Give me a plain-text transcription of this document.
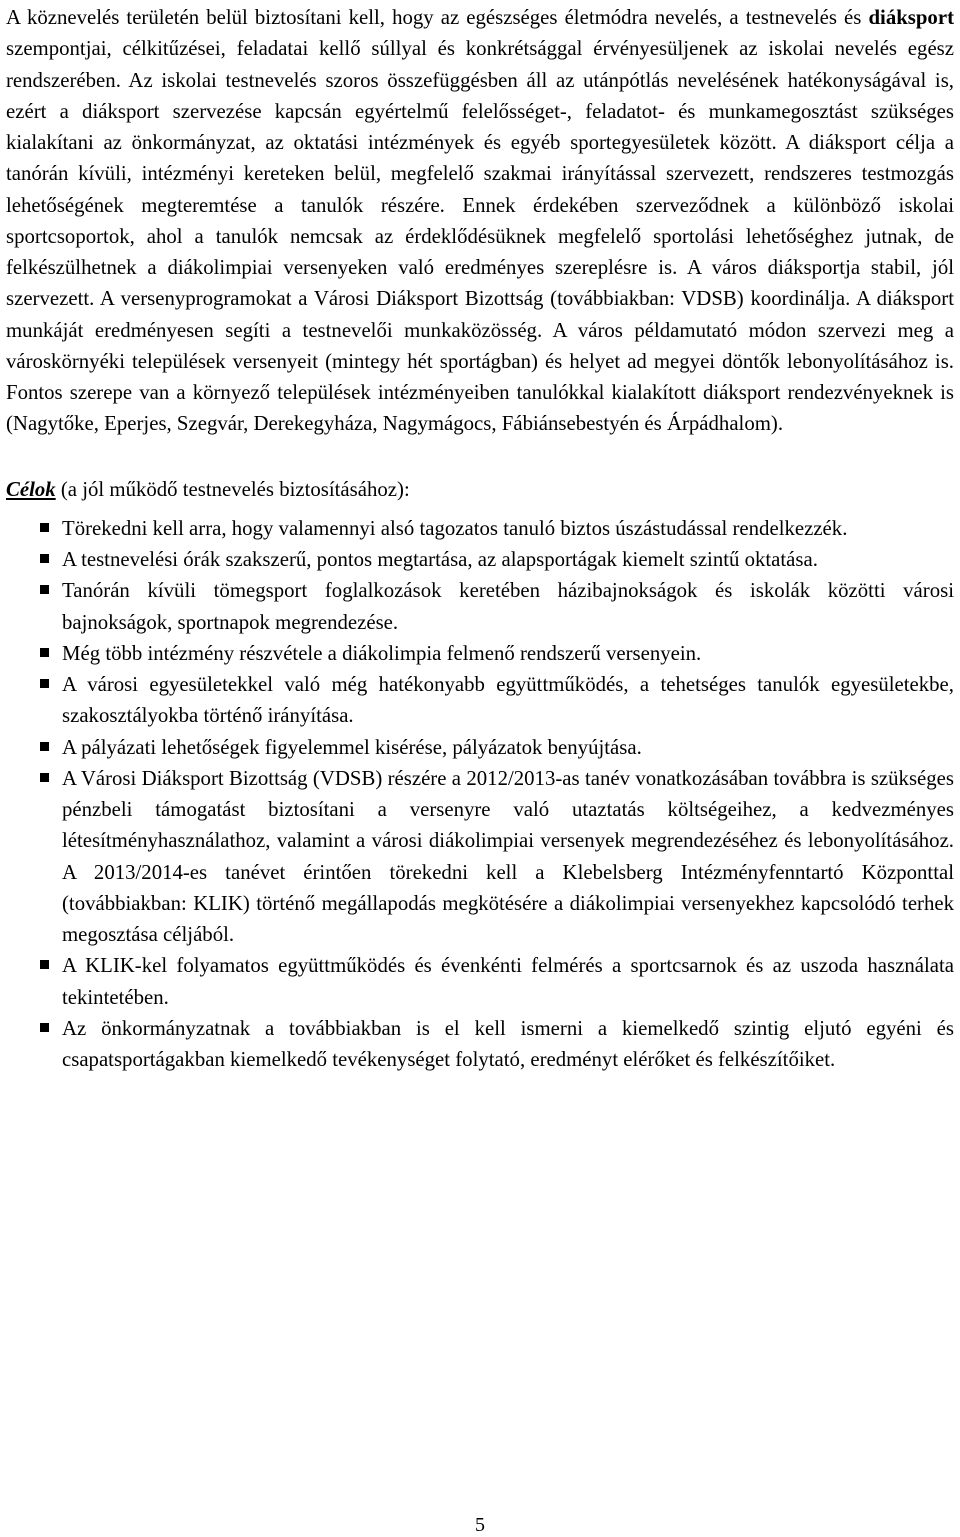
A köznevelés területén belül biztosítani kell, hogy az egészséges életmódra nevelés, a testnevelés és diáksport szempontjai, célkitűzései, feladatai kellő súllyal és konkrétsággal érvényesüljenek az iskolai nevelés egész rendszerében. Az iskolai testnevelés szoros összefüggésben áll az utánpótlás nevelésének hatékonyságával is, ezért a diáksport szervezése kapcsán egyértelmű felelősséget-, feladatot- és munkamegosztást szükséges kialakítani az önkormányzat, az oktatási intézmények és egyéb sportegyesületek között. A diáksport célja a tanórán kívüli, intézményi kereteken belül, megfelelő szakmai irányítással szervezett, rendszeres testmozgás lehetőségének megteremtése a tanulók részére. Ennek érdekében szerveződnek a különböző iskolai sportcsoportok, ahol a tanulók nemcsak az érdeklődésüknek megfelelő sportolási lehetőséghez jutnak, de felkészülhetnek a diákolimpiai versenyeken való eredményes szereplésre is. A város diáksportja stabil, jól szervezett. A versenyprogramokat a Városi Diáksport Bizottság (továbbiakban: VDSB) koordinálja. A diáksport munkáját eredményesen segíti a testnevelői munkaközösség. A város példamutató módon szervezi meg a városkörnyéki települések versenyeit (mintegy hét sportágban) és helyet ad megyei döntők lebonyolításához is. Fontos szerepe van a környező települések intézményeiben tanulókkal kialakított diáksport rendezvényeknek is (Nagytőke, Eperjes, Szegvár, Derekegyháza, Nagymágocs, Fábiánsebestyén és Árpádhalom).

Célok (a jól működő testnevelés biztosításához):

Törekedni kell arra, hogy valamennyi alsó tagozatos tanuló biztos úszástudással rendelkezzék.
A testnevelési órák szakszerű, pontos megtartása, az alapsportágak kiemelt szintű oktatása.
Tanórán kívüli tömegsport foglalkozások keretében házibajnokságok és iskolák közötti városi bajnokságok, sportnapok megrendezése.
Még több intézmény részvétele a diákolimpia felmenő rendszerű versenyein.
A városi egyesületekkel való még hatékonyabb együttműködés, a tehetséges tanulók egyesületekbe, szakosztályokba történő irányítása.
A pályázati lehetőségek figyelemmel kisérése, pályázatok benyújtása.
A Városi Diáksport Bizottság (VDSB) részére a 2012/2013-as tanév vonatkozásában továbbra is szükséges pénzbeli támogatást biztosítani a versenyre való utaztatás költségeihez, a kedvezményes létesítményhasználathoz, valamint a városi diákolimpiai versenyek megrendezéséhez és lebonyolításához. A 2013/2014-es tanévet érintően törekedni kell a Klebelsberg Intézményfenntartó Központtal (továbbiakban: KLIK) történő megállapodás megkötésére a diákolimpiai versenyekhez kapcsolódó terhek megosztása céljából.
A KLIK-kel folyamatos együttműködés és évenkénti felmérés a sportcsarnok és az uszoda használata tekintetében.
Az önkormányzatnak a továbbiakban is el kell ismerni a kiemelkedő szintig eljutó egyéni és csapatsportágakban kiemelkedő tevékenységet folytató, eredményt elérőket és felkészítőiket.
5
